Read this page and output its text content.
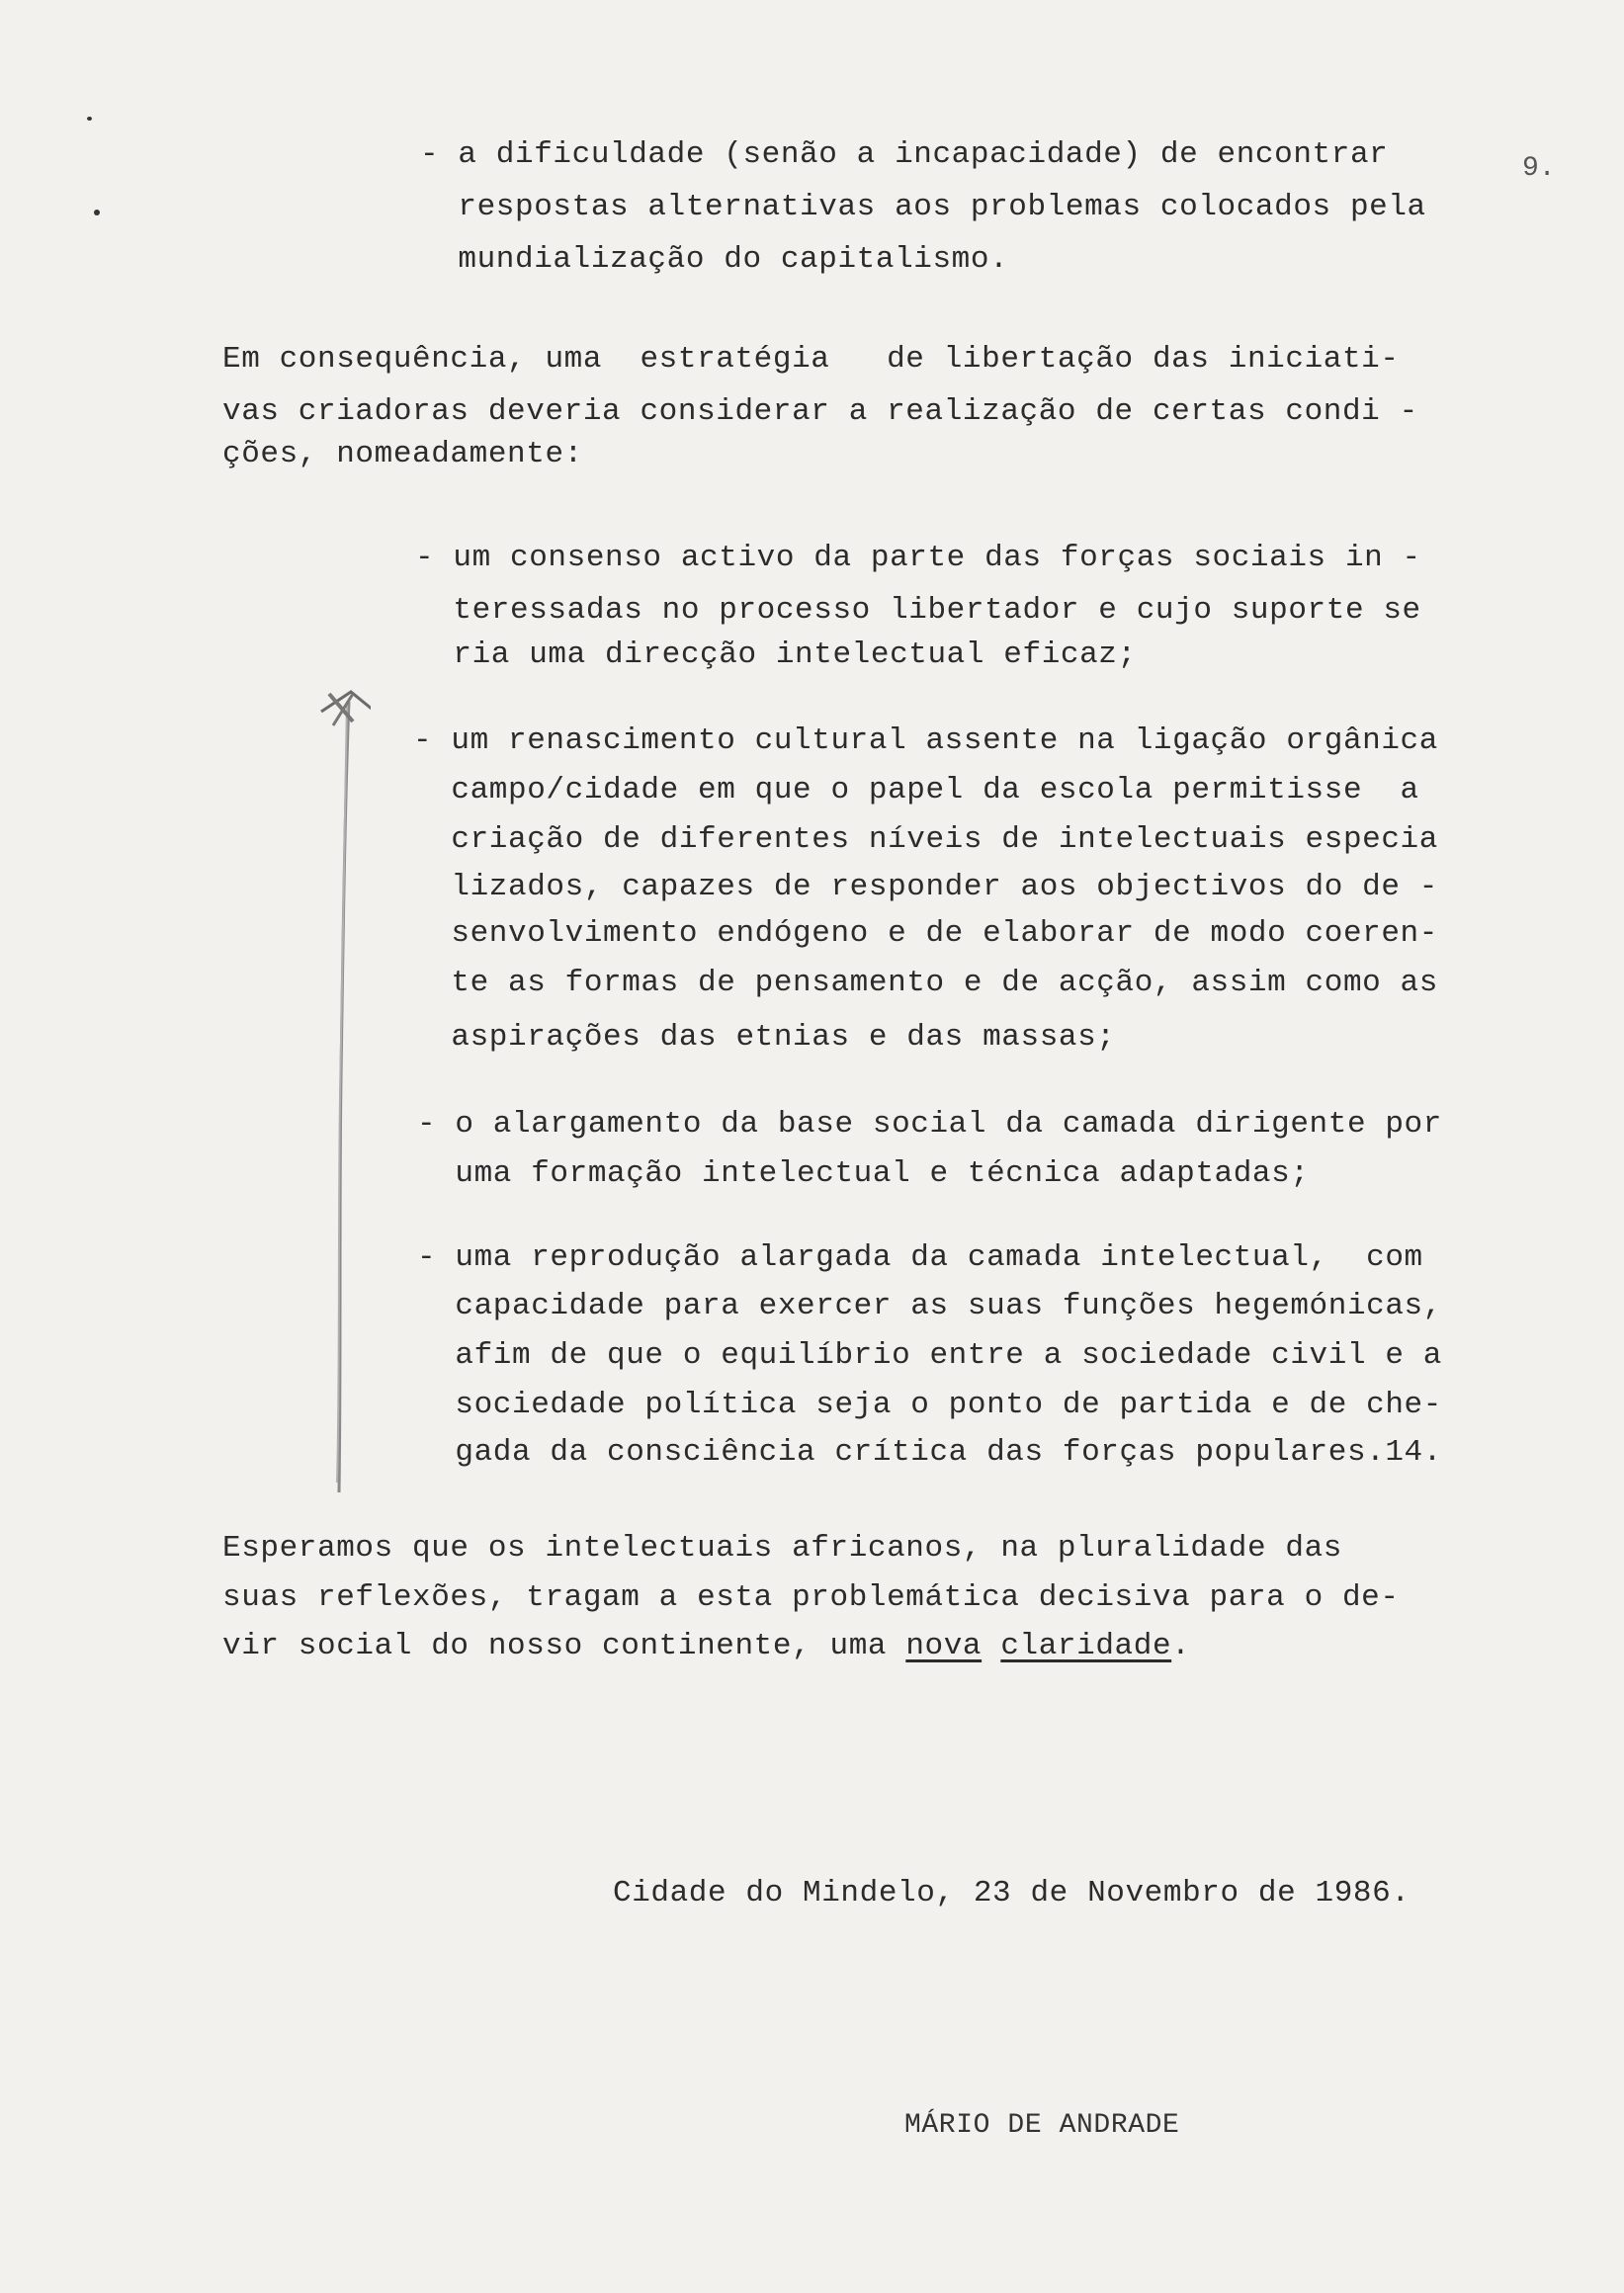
9.
- a dificuldade (senão a incapacidade) de encontrar
respostas alternativas aos problemas colocados pela
mundialização do capitalismo.
Em consequência, uma  estratégia   de libertação das iniciati-
vas criadoras deveria considerar a realização de certas condi -
ções, nomeadamente:
- um consenso activo da parte das forças sociais in -
teressadas no processo libertador e cujo suporte se
ria uma direcção intelectual eficaz;
- um renascimento cultural assente na ligação orgânica
campo/cidade em que o papel da escola permitisse  a
criação de diferentes níveis de intelectuais especia
lizados, capazes de responder aos objectivos do de -
senvolvimento endógeno e de elaborar de modo coeren-
te as formas de pensamento e de acção, assim como as
aspirações das etnias e das massas;
- o alargamento da base social da camada dirigente por
uma formação intelectual e técnica adaptadas;
- uma reprodução alargada da camada intelectual,  com
capacidade para exercer as suas funções hegemónicas,
afim de que o equilíbrio entre a sociedade civil e a
sociedade política seja o ponto de partida e de che-
gada da consciência crítica das forças populares.14.
Esperamos que os intelectuais africanos, na pluralidade das
suas reflexões, tragam a esta problemática decisiva para o de-
vir social do nosso continente, uma nova claridade.
Cidade do Mindelo, 23 de Novembro de 1986.
MÁRIO DE ANDRADE
